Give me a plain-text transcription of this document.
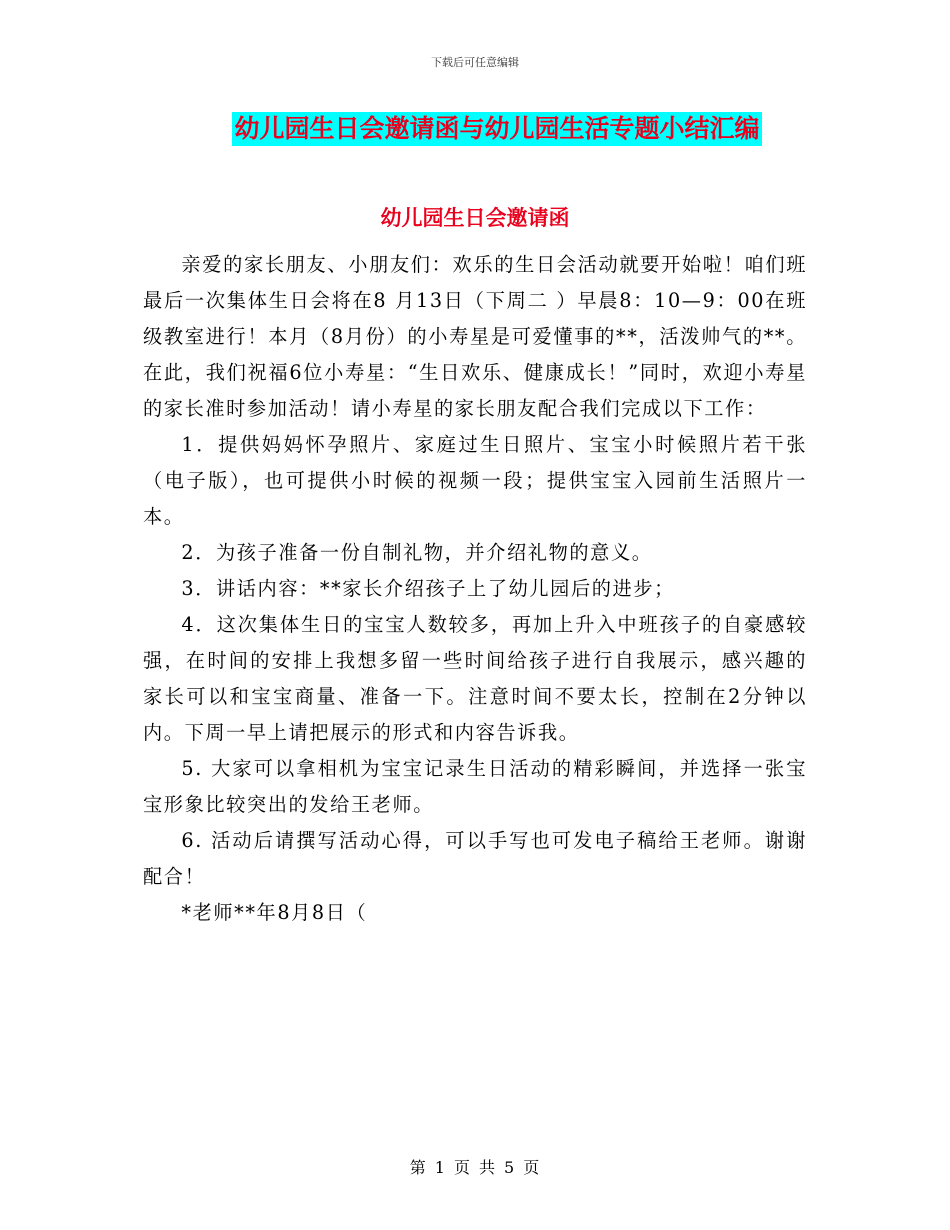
下载后可任意编辑
幼儿园生日会邀请函与幼儿园生活专题小结汇编
幼儿园生日会邀请函

亲爱的家长朋友、小朋友们：欢乐的生日会活动就要开始啦！咱们班最后一次集体生日会将在8 月13日（下周二 ）早晨8：10—9：00在班级教室进行！本月（8月份）的小寿星是可爱懂事的**，活泼帅气的**。在此，我们祝福6位小寿星：“生日欢乐、健康成长！”同时，欢迎小寿星的家长准时参加活动！请小寿星的家长朋友配合我们完成以下工作：

1．提供妈妈怀孕照片、家庭过生日照片、宝宝小时候照片若干张（电子版），也可提供小时候的视频一段；提供宝宝入园前生活照片一本。

2．为孩子准备一份自制礼物，并介绍礼物的意义。

3．讲话内容：**家长介绍孩子上了幼儿园后的进步；

4．这次集体生日的宝宝人数较多，再加上升入中班孩子的自豪感较强，在时间的安排上我想多留一些时间给孩子进行自我展示，感兴趣的家长可以和宝宝商量、准备一下。注意时间不要太长，控制在2分钟以内。下周一早上请把展示的形式和内容告诉我。

5. 大家可以拿相机为宝宝记录生日活动的精彩瞬间，并选择一张宝宝形象比较突出的发给王老师。

6. 活动后请撰写活动心得，可以手写也可发电子稿给王老师。谢谢配合！

*老师**年8月8日（

第 1 页 共 5 页
